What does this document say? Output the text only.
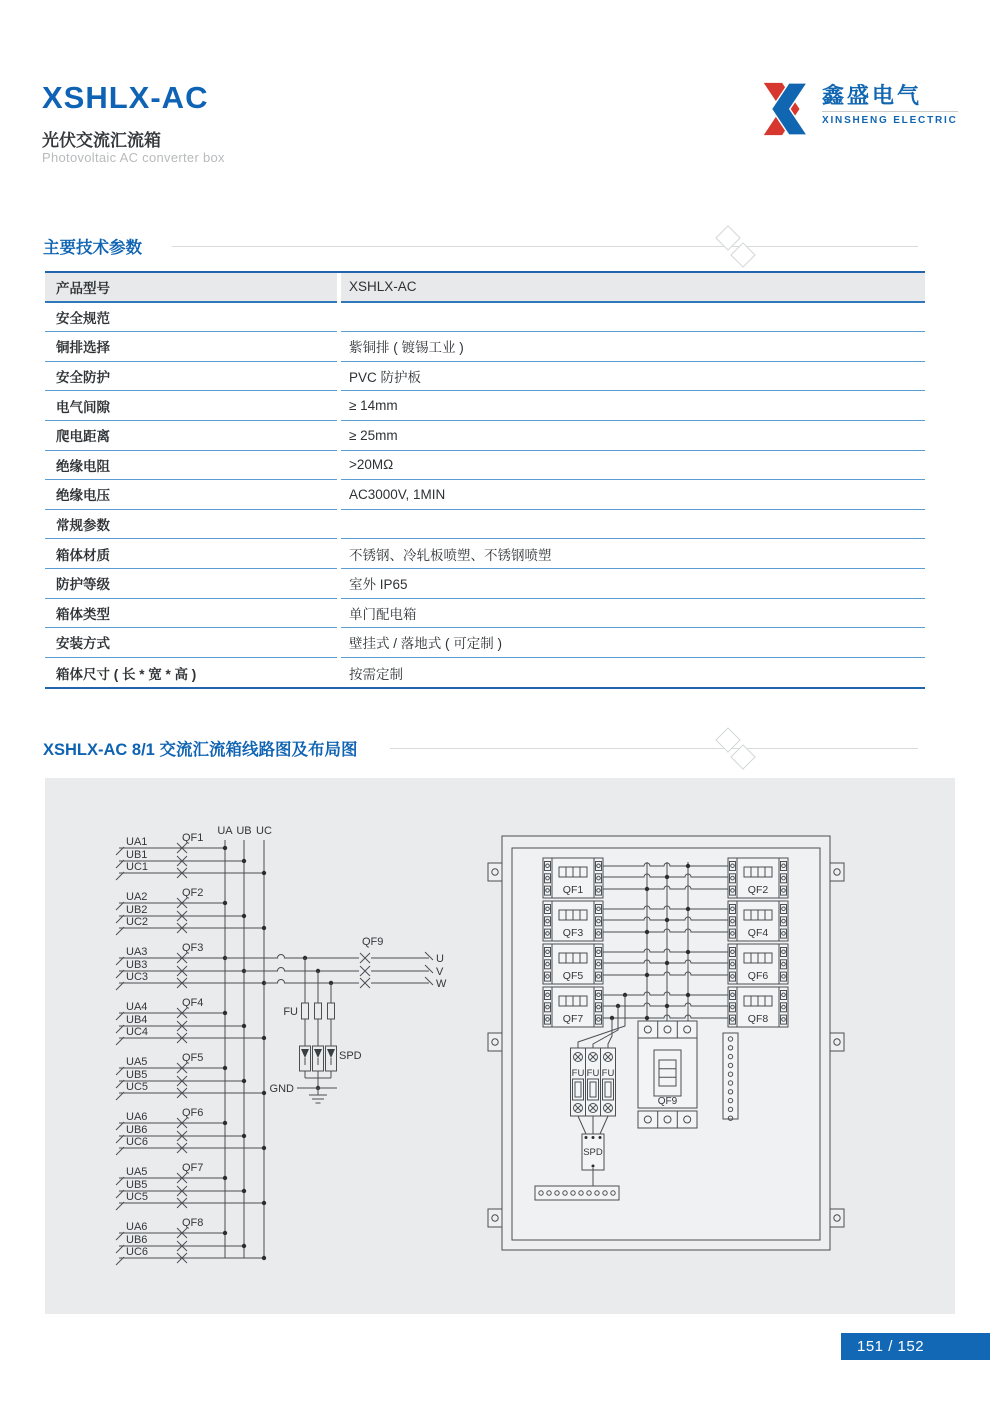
XSHLX-AC
光伏交流汇流箱
Photovoltaic AC converter box
鑫盛电气
XINSHENG ELECTRIC
主要技术参数
产品型号	XSHLX-AC
安全规范
铜排选择	紫铜排 ( 镀锡工业 )
安全防护	PVC 防护板
电气间隙	≥ 14mm
爬电距离	≥ 25mm
绝缘电阻	>20MΩ
绝缘电压	AC3000V, 1MIN
常规参数
箱体材质	不锈钢、冷轧板喷塑、不锈钢喷塑
防护等级	室外 IP65
箱体类型	单门配电箱
安装方式	壁挂式 / 落地式 ( 可定制 )
箱体尺寸 ( 长 * 宽 * 高 )	按需定制
XSHLX-AC 8/1 交流汇流箱线路图及布局图
UA1
UB1
UC1
UA2
UB2
UC2
UA3
U
UB3
V
UC3
W
UA4
UB4
UC4
UA5
UB5
UC5
UA6
UB6
UC6
UA5
UB5
UC5
UA6
UB6
UC6
QF9
FU
SPD
GND
UA UB UC
QF1
QF2
QF3
QF4
QF5
QF6
QF7
QF8
QF1	QF2
QF3	QF4
QF5	QF6
QF7	QF8
FU FU FU
SPD
QF9
151 / 152
